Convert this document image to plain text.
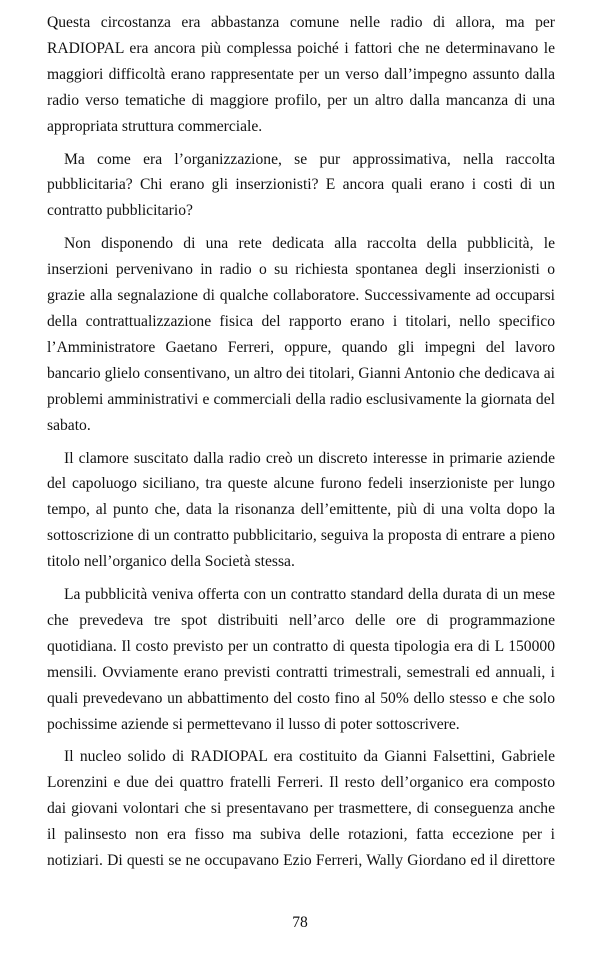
Questa circostanza era abbastanza comune nelle radio di allora, ma per RADIOPAL era ancora più complessa poiché i fattori che ne determinavano le maggiori difficoltà erano rappresentate per un verso dall’impegno assunto dalla radio verso tematiche di maggiore profilo, per un altro dalla mancanza di una appropriata struttura commerciale.

Ma come era l’organizzazione, se pur approssimativa, nella raccolta pubblicitaria? Chi erano gli inserzionisti? E ancora quali erano i costi di un contratto pubblicitario?

Non disponendo di una rete dedicata alla raccolta della pubblicità, le inserzioni pervenivano in radio o su richiesta spontanea degli inserzionisti o grazie alla segnalazione di qualche collaboratore. Successivamente ad occuparsi della contrattualizzazione fisica del rapporto erano i titolari, nello specifico l’Amministratore Gaetano Ferreri, oppure, quando gli impegni del lavoro bancario glielo consentivano, un altro dei titolari, Gianni Antonio che dedicava ai problemi amministrativi e commerciali della radio esclusivamente la giornata del sabato.

Il clamore suscitato dalla radio creò un discreto interesse in primarie aziende del capoluogo siciliano, tra queste alcune furono fedeli inserzioniste per lungo tempo, al punto che, data la risonanza dell’emittente, più di una volta dopo la sottoscrizione di un contratto pubblicitario, seguiva la proposta di entrare a pieno titolo nell’organico della Società stessa.

La pubblicità veniva offerta con un contratto standard della durata di un mese che prevedeva tre spot distribuiti nell’arco delle ore di programmazione quotidiana. Il costo previsto per un contratto di questa tipologia era di L 150000 mensili. Ovviamente erano previsti contratti trimestrali, semestrali ed annuali, i quali prevedevano un abbattimento del costo fino al 50% dello stesso e che solo pochissime aziende si permettevano il lusso di poter sottoscrivere.

Il nucleo solido di RADIOPAL era costituito da Gianni Falsettini, Gabriele Lorenzini e due dei quattro fratelli Ferreri. Il resto dell’organico era composto dai giovani volontari che si presentavano per trasmettere, di conseguenza anche il palinsesto non era fisso ma subiva delle rotazioni, fatta eccezione per i notiziari. Di questi se ne occupavano Ezio Ferreri, Wally Giordano ed il direttore

78
